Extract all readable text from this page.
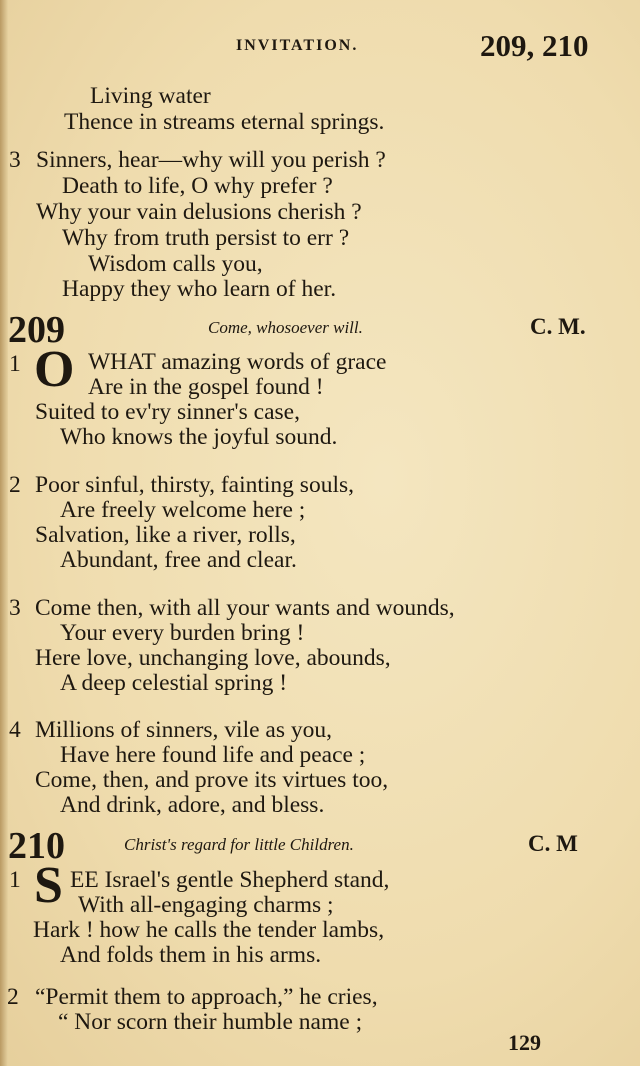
INVITATION.	209, 210
Living water
Thence in streams eternal springs.
3 Sinners, hear—why will you perish ?
Death to life, O why prefer ?
Why your vain delusions cherish ?
Why from truth persist to err ?
Wisdom calls you,
Happy they who learn of her.
209	Come, whosoever will.	C. M.
1 O WHAT amazing words of grace
Are in the gospel found !
Suited to ev'ry sinner's case,
Who knows the joyful sound.
2 Poor sinful, thirsty, fainting souls,
Are freely welcome here ;
Salvation, like a river, rolls,
Abundant, free and clear.
3 Come then, with all your wants and wounds,
Your every burden bring !
Here love, unchanging love, abounds,
A deep celestial spring !
4 Millions of sinners, vile as you,
Have here found life and peace ;
Come, then, and prove its virtues too,
And drink, adore, and bless.
210	Christ's regard for little Children.	C. M
1 S EE Israel's gentle Shepherd stand,
With all-engaging charms ;
Hark ! how he calls the tender lambs,
And folds them in his arms.
2 “Permit them to approach,” he cries,
“ Nor scorn their humble name ;
129
